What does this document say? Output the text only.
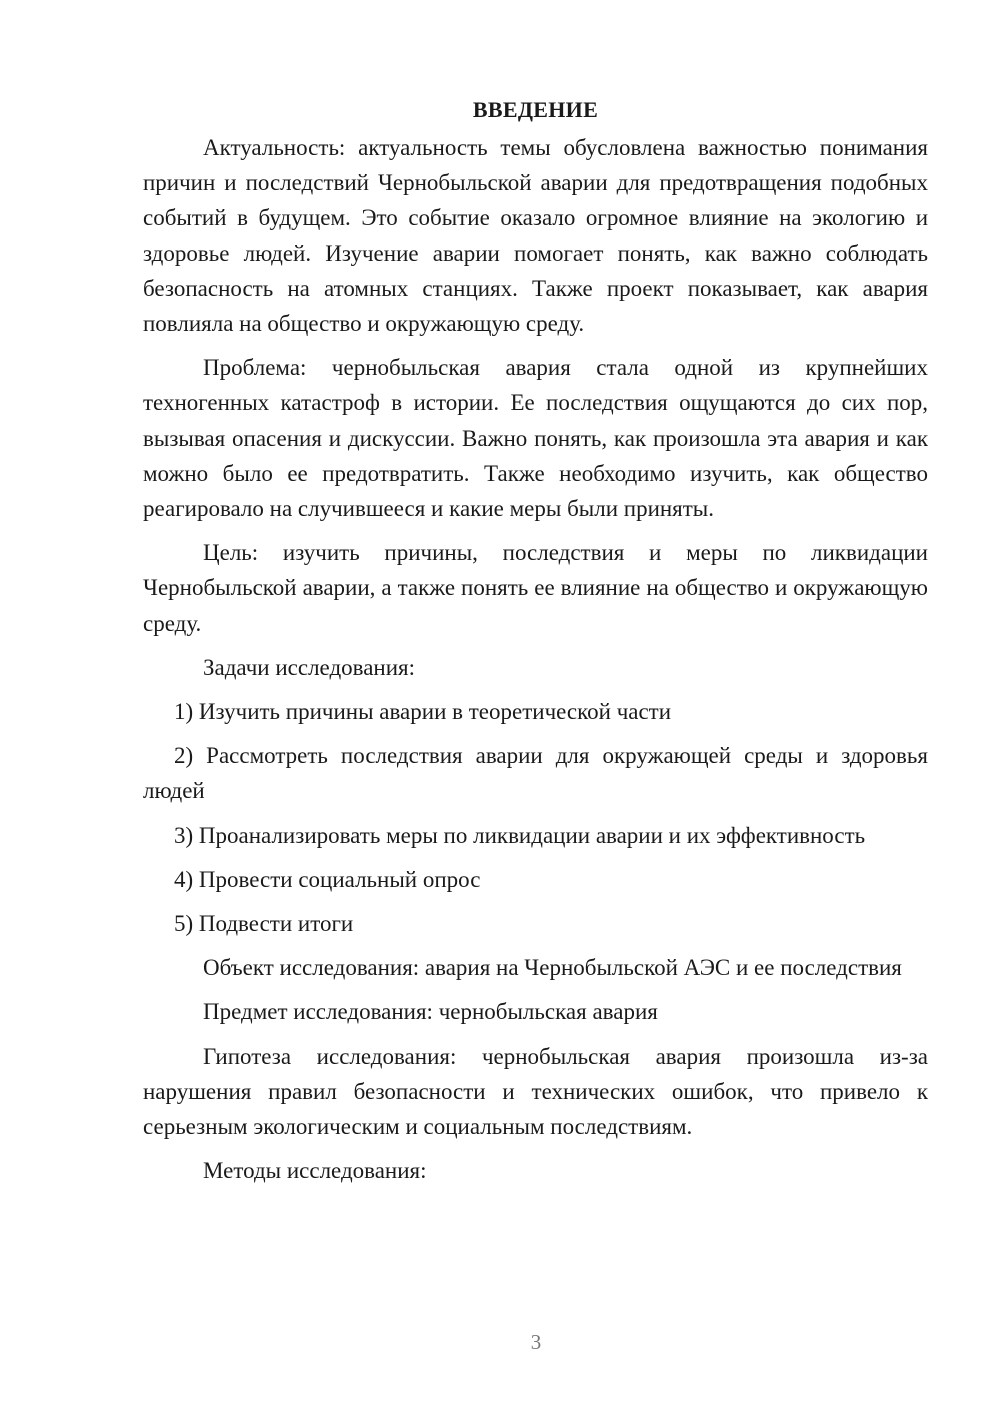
ВВЕДЕНИЕ

Актуальность: актуальность темы обусловлена важностью понимания причин и последствий Чернобыльской аварии для предотвращения подобных событий в будущем. Это событие оказало огромное влияние на экологию и здоровье людей. Изучение аварии помогает понять, как важно соблюдать безопасность на атомных станциях. Также проект показывает, как авария повлияла на общество и окружающую среду.

Проблема: чернобыльская авария стала одной из крупнейших техногенных катастроф в истории. Ее последствия ощущаются до сих пор, вызывая опасения и дискуссии. Важно понять, как произошла эта авария и как можно было ее предотвратить. Также необходимо изучить, как общество реагировало на случившееся и какие меры были приняты.

Цель: изучить причины, последствия и меры по ликвидации Чернобыльской аварии, а также понять ее влияние на общество и окружающую среду.

Задачи исследования:

1) Изучить причины аварии в теоретической части

2) Рассмотреть последствия аварии для окружающей среды и здоровья людей

3) Проанализировать меры по ликвидации аварии и их эффективность

4) Провести социальный опрос

5) Подвести итоги

Объект исследования: авария на Чернобыльской АЭС и ее последствия

Предмет исследования: чернобыльская авария

Гипотеза исследования: чернобыльская авария произошла из-за нарушения правил безопасности и технических ошибок, что привело к серьезным экологическим и социальным последствиям.

Методы исследования:

3
